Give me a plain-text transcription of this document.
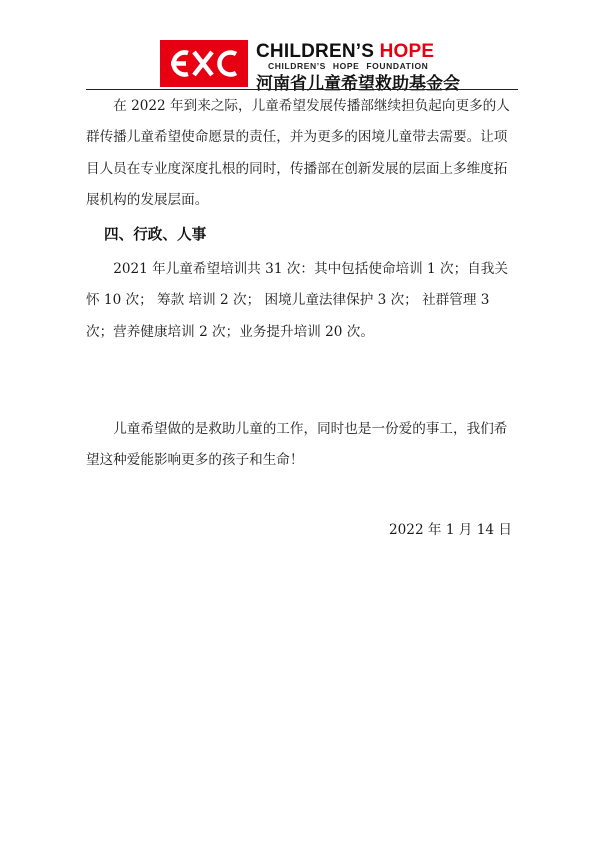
CHILDREN’S HOPE
CHILDREN’S HOPE FOUNDATION
河南省儿童希望救助基金会

在 2022 年到来之际，儿童希望发展传播部继续担负起向更多的人群传播儿童希望使命愿景的责任，并为更多的困境儿童带去需要。让项目人员在专业度深度扎根的同时，传播部在创新发展的层面上多维度拓展机构的发展层面。

四、行政、人事

2021 年儿童希望培训共 31 次：其中包括使命培训 1 次；自我关怀 10 次； 筹款 培训 2 次； 困境儿童法律保护 3 次； 社群管理 3 次；营养健康培训 2 次；业务提升培训 20 次。

儿童希望做的是救助儿童的工作，同时也是一份爱的事工，我们希望这种爱能影响更多的孩子和生命！

2022 年 1 月 14 日
